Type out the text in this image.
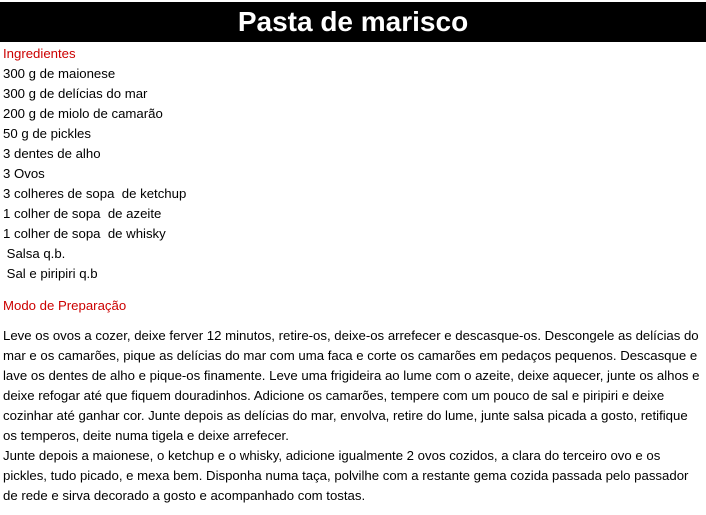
Pasta de marisco
Ingredientes
300 g de maionese
300 g de delícias do mar
200 g de miolo de camarão
50 g de pickles
3 dentes de alho
3 Ovos
3 colheres de sopa  de ketchup
1 colher de sopa  de azeite
1 colher de sopa  de whisky
Salsa q.b.
Sal e piripiri q.b
Modo de Preparação

Leve os ovos a cozer, deixe ferver 12 minutos, retire-os, deixe-os arrefecer e descasque-os. Descongele as delícias do mar e os camarões, pique as delícias do mar com uma faca e corte os camarões em pedaços pequenos. Descasque e lave os dentes de alho e pique-os finamente. Leve uma frigideira ao lume com o azeite, deixe aquecer, junte os alhos e deixe refogar até que fiquem douradinhos. Adicione os camarões, tempere com um pouco de sal e piripiri e deixe cozinhar até ganhar cor. Junte depois as delícias do mar, envolva, retire do lume, junte salsa picada a gosto, retifique os temperos, deite numa tigela e deixe arrefecer.

Junte depois a maionese, o ketchup e o whisky, adicione igualmente 2 ovos cozidos, a clara do terceiro ovo e os pickles, tudo picado, e mexa bem. Disponha numa taça, polvilhe com a restante gema cozida passada pelo passador de rede e sirva decorado a gosto e acompanhado com tostas.
